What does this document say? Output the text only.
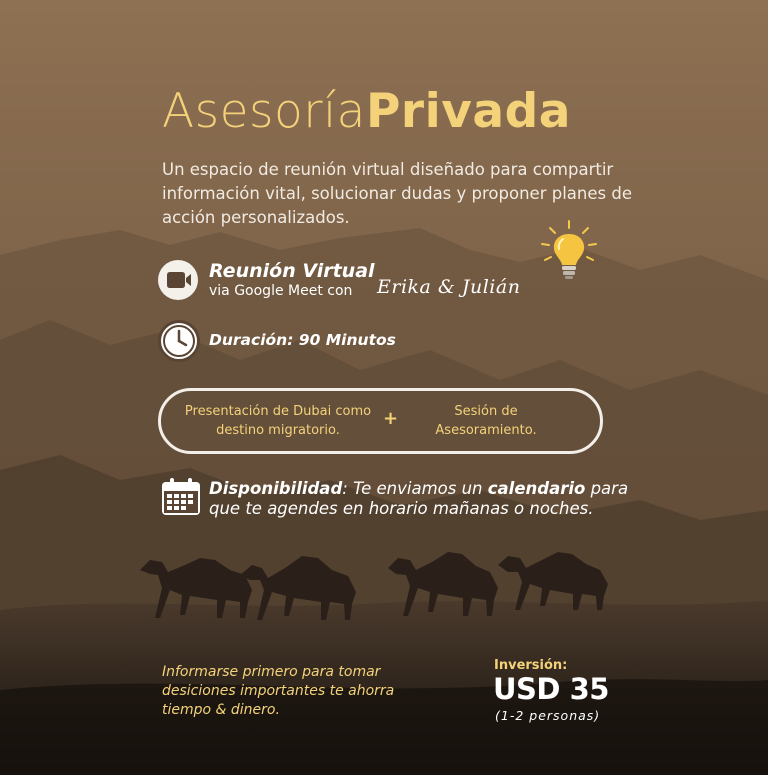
AsesoríaPrivada
Un espacio de reunión virtual diseñado para compartir información vital, solucionar dudas y proponer planes de acción personalizados.
Reunión Virtual
via Google Meet con Erika & Julián
Duración: 90 Minutos
Presentación de Dubai como destino migratorio.
+	Sesión de Asesoramiento.
Disponibilidad: Te enviamos un calendario para que te agendes en horario mañanas o noches.
Informarse primero para tomar desiciones importantes te ahorra tiempo & dinero.
Inversión:
USD 35
(1-2 personas)
